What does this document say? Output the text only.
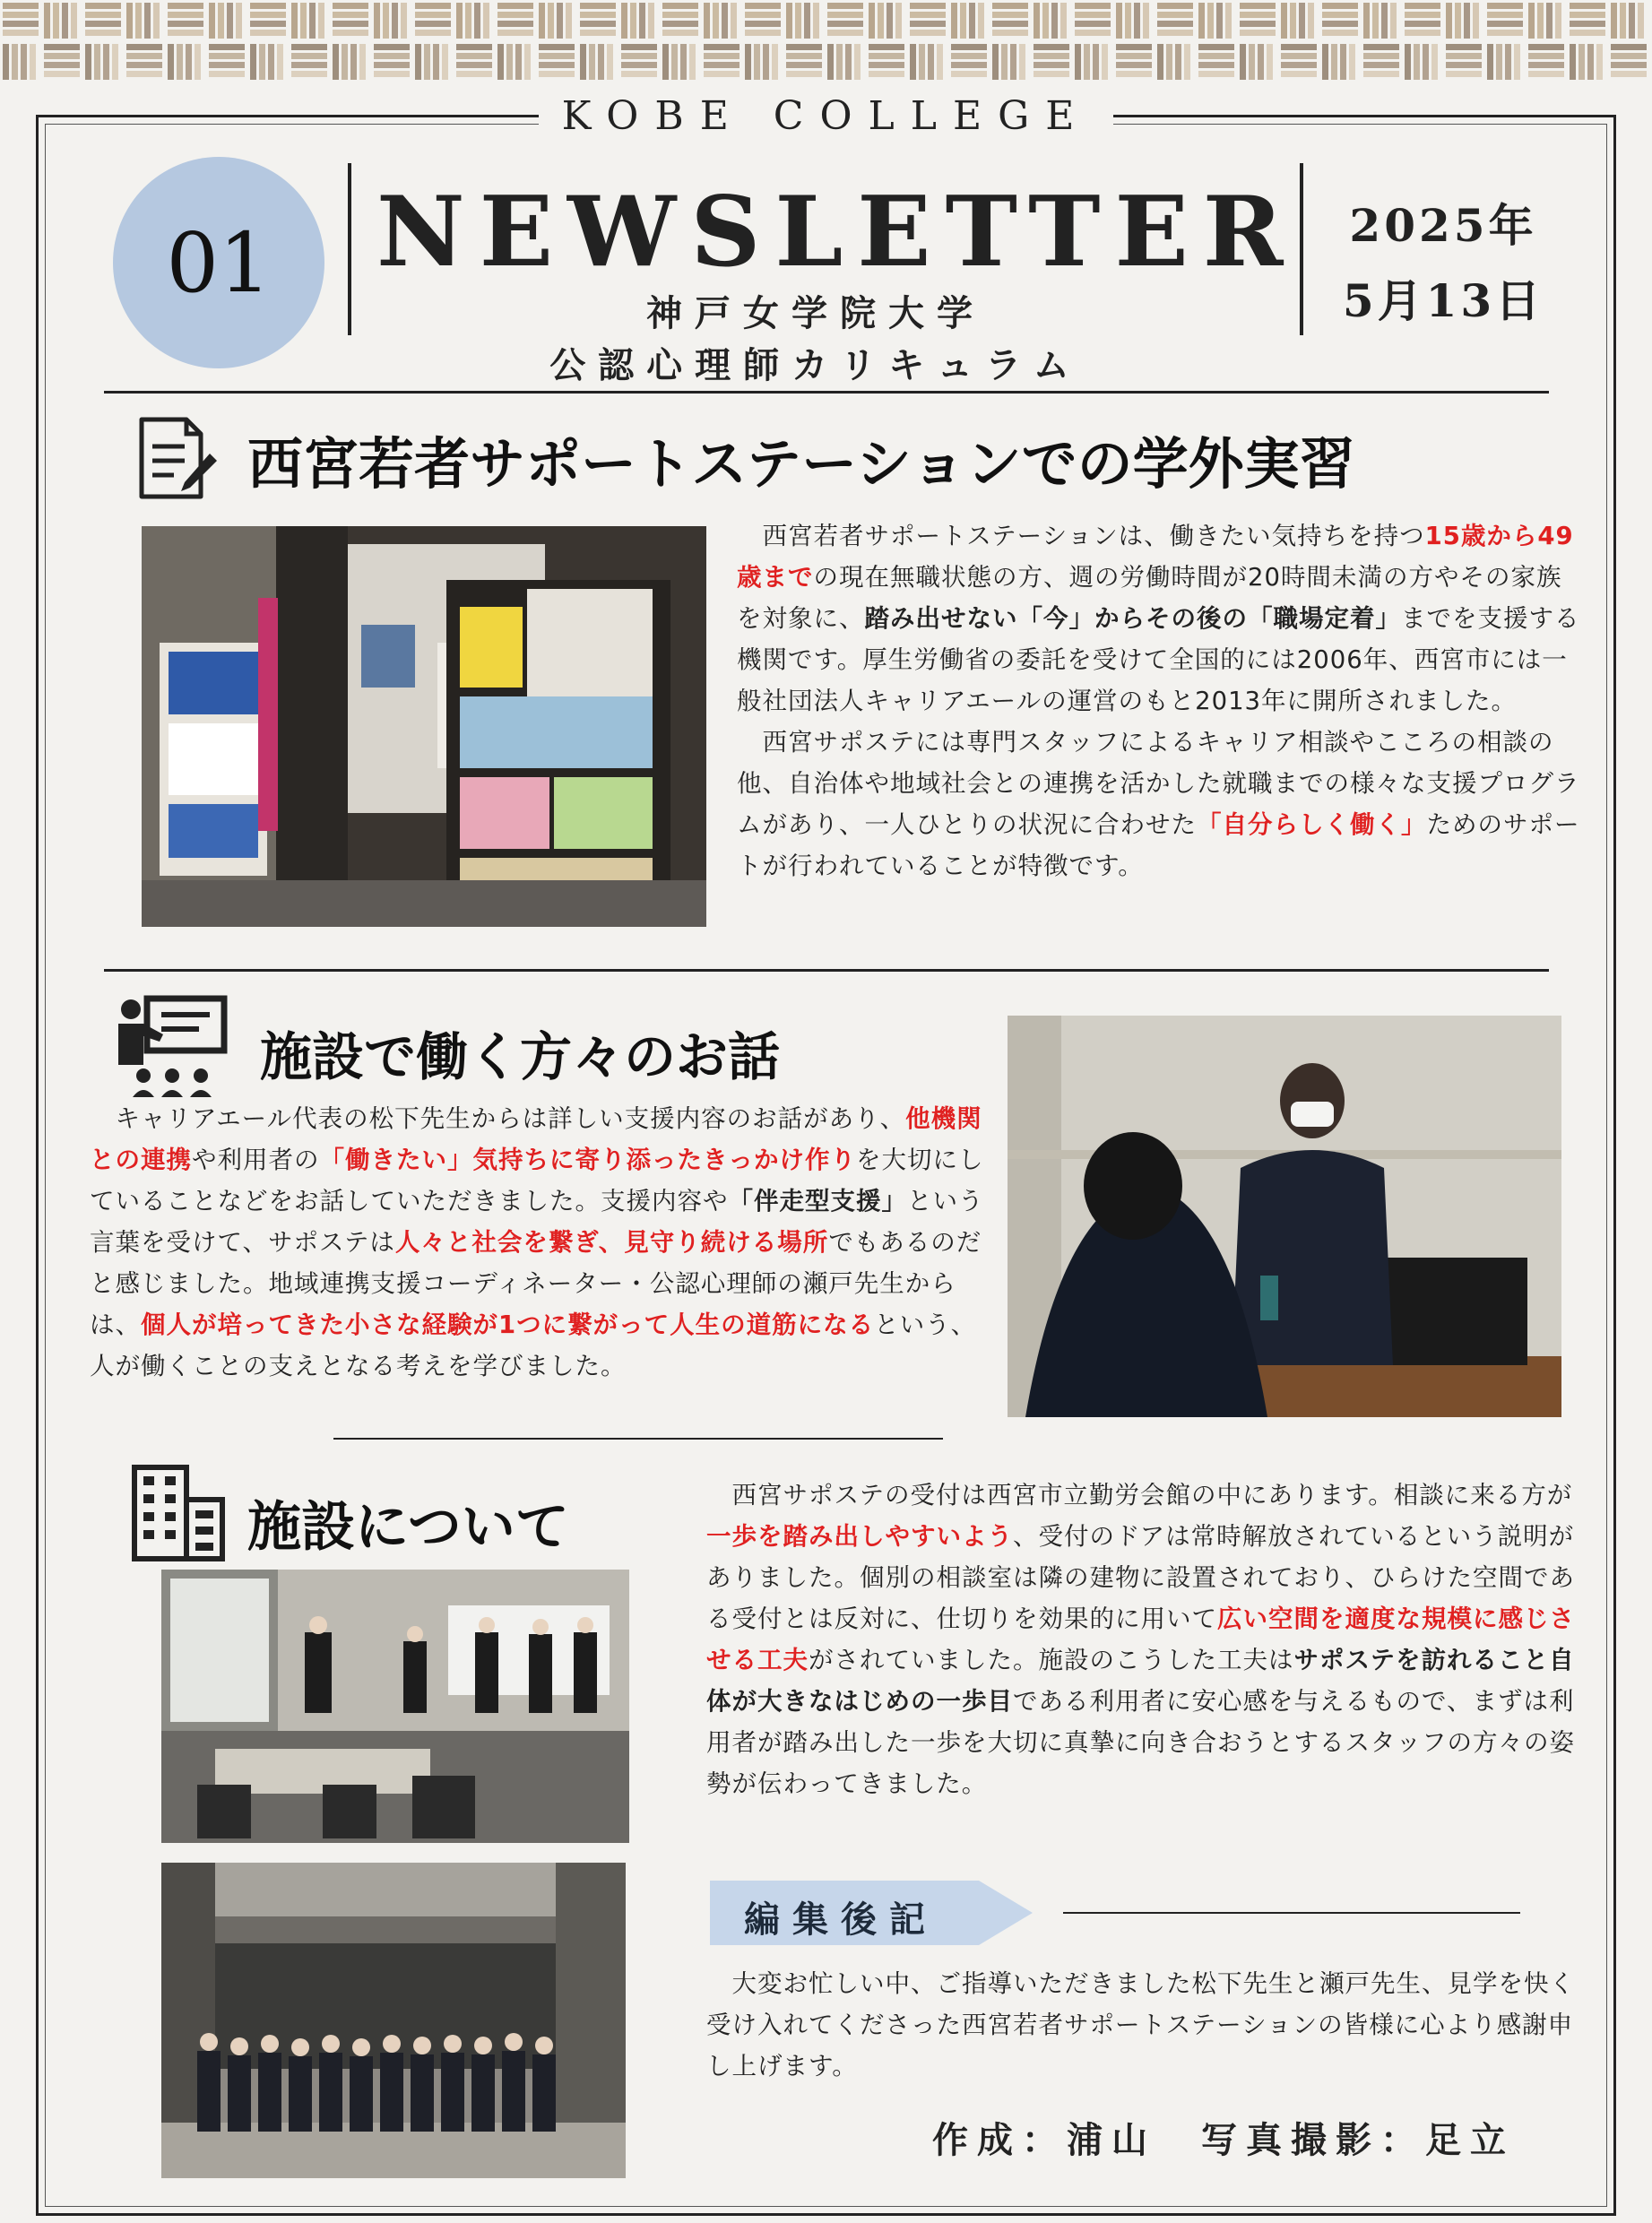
KOBE COLLEGE
01 NEWSLETTER
神戸女学院大学
公認心理師カリキュラム
2025年
5月13日
西宮若者サポートステーションでの学外実習

　西宮若者サポートステーションは、働きたい気持ちを持つ15歳から49歳までの現在無職状態の方、週の労働時間が20時間未満の方やその家族を対象に、踏み出せない「今」からその後の「職場定着」までを支援する機関です。厚生労働省の委託を受けて全国的には2006年、西宮市には一般社団法人キャリアエールの運営のもと2013年に開所されました。

　西宮サポステには専門スタッフによるキャリア相談やこころの相談の他、自治体や地域社会との連携を活かした就職までの様々な支援プログラムがあり、一人ひとりの状況に合わせた「自分らしく働く」ためのサポートが行われていることが特徴です。

施設で働く方々のお話

　キャリアエール代表の松下先生からは詳しい支援内容のお話があり、他機関との連携や利用者の「働きたい」気持ちに寄り添ったきっかけ作りを大切にしていることなどをお話していただきました。支援内容や「伴走型支援」という言葉を受けて、サポステは人々と社会を繋ぎ、見守り続ける場所でもあるのだと感じました。地域連携支援コーディネーター・公認心理師の瀬戸先生からは、個人が培ってきた小さな経験が1つに繋がって人生の道筋になるという、人が働くことの支えとなる考えを学びました。

施設について

　西宮サポステの受付は西宮市立勤労会館の中にあります。相談に来る方が一歩を踏み出しやすいよう、受付のドアは常時解放されているという説明がありました。個別の相談室は隣の建物に設置されており、ひらけた空間である受付とは反対に、仕切りを効果的に用いて広い空間を適度な規模に感じさせる工夫がされていました。施設のこうした工夫はサポステを訪れること自体が大きなはじめの一歩目である利用者に安心感を与えるもので、まずは利用者が踏み出した一歩を大切に真摯に向き合おうとするスタッフの方々の姿勢が伝わってきました。

編集後記

　大変お忙しい中、ご指導いただきました松下先生と瀬戸先生、見学を快く受け入れてくださった西宮若者サポートステーションの皆様に心より感謝申し上げます。

作成：浦山　写真撮影：足立
